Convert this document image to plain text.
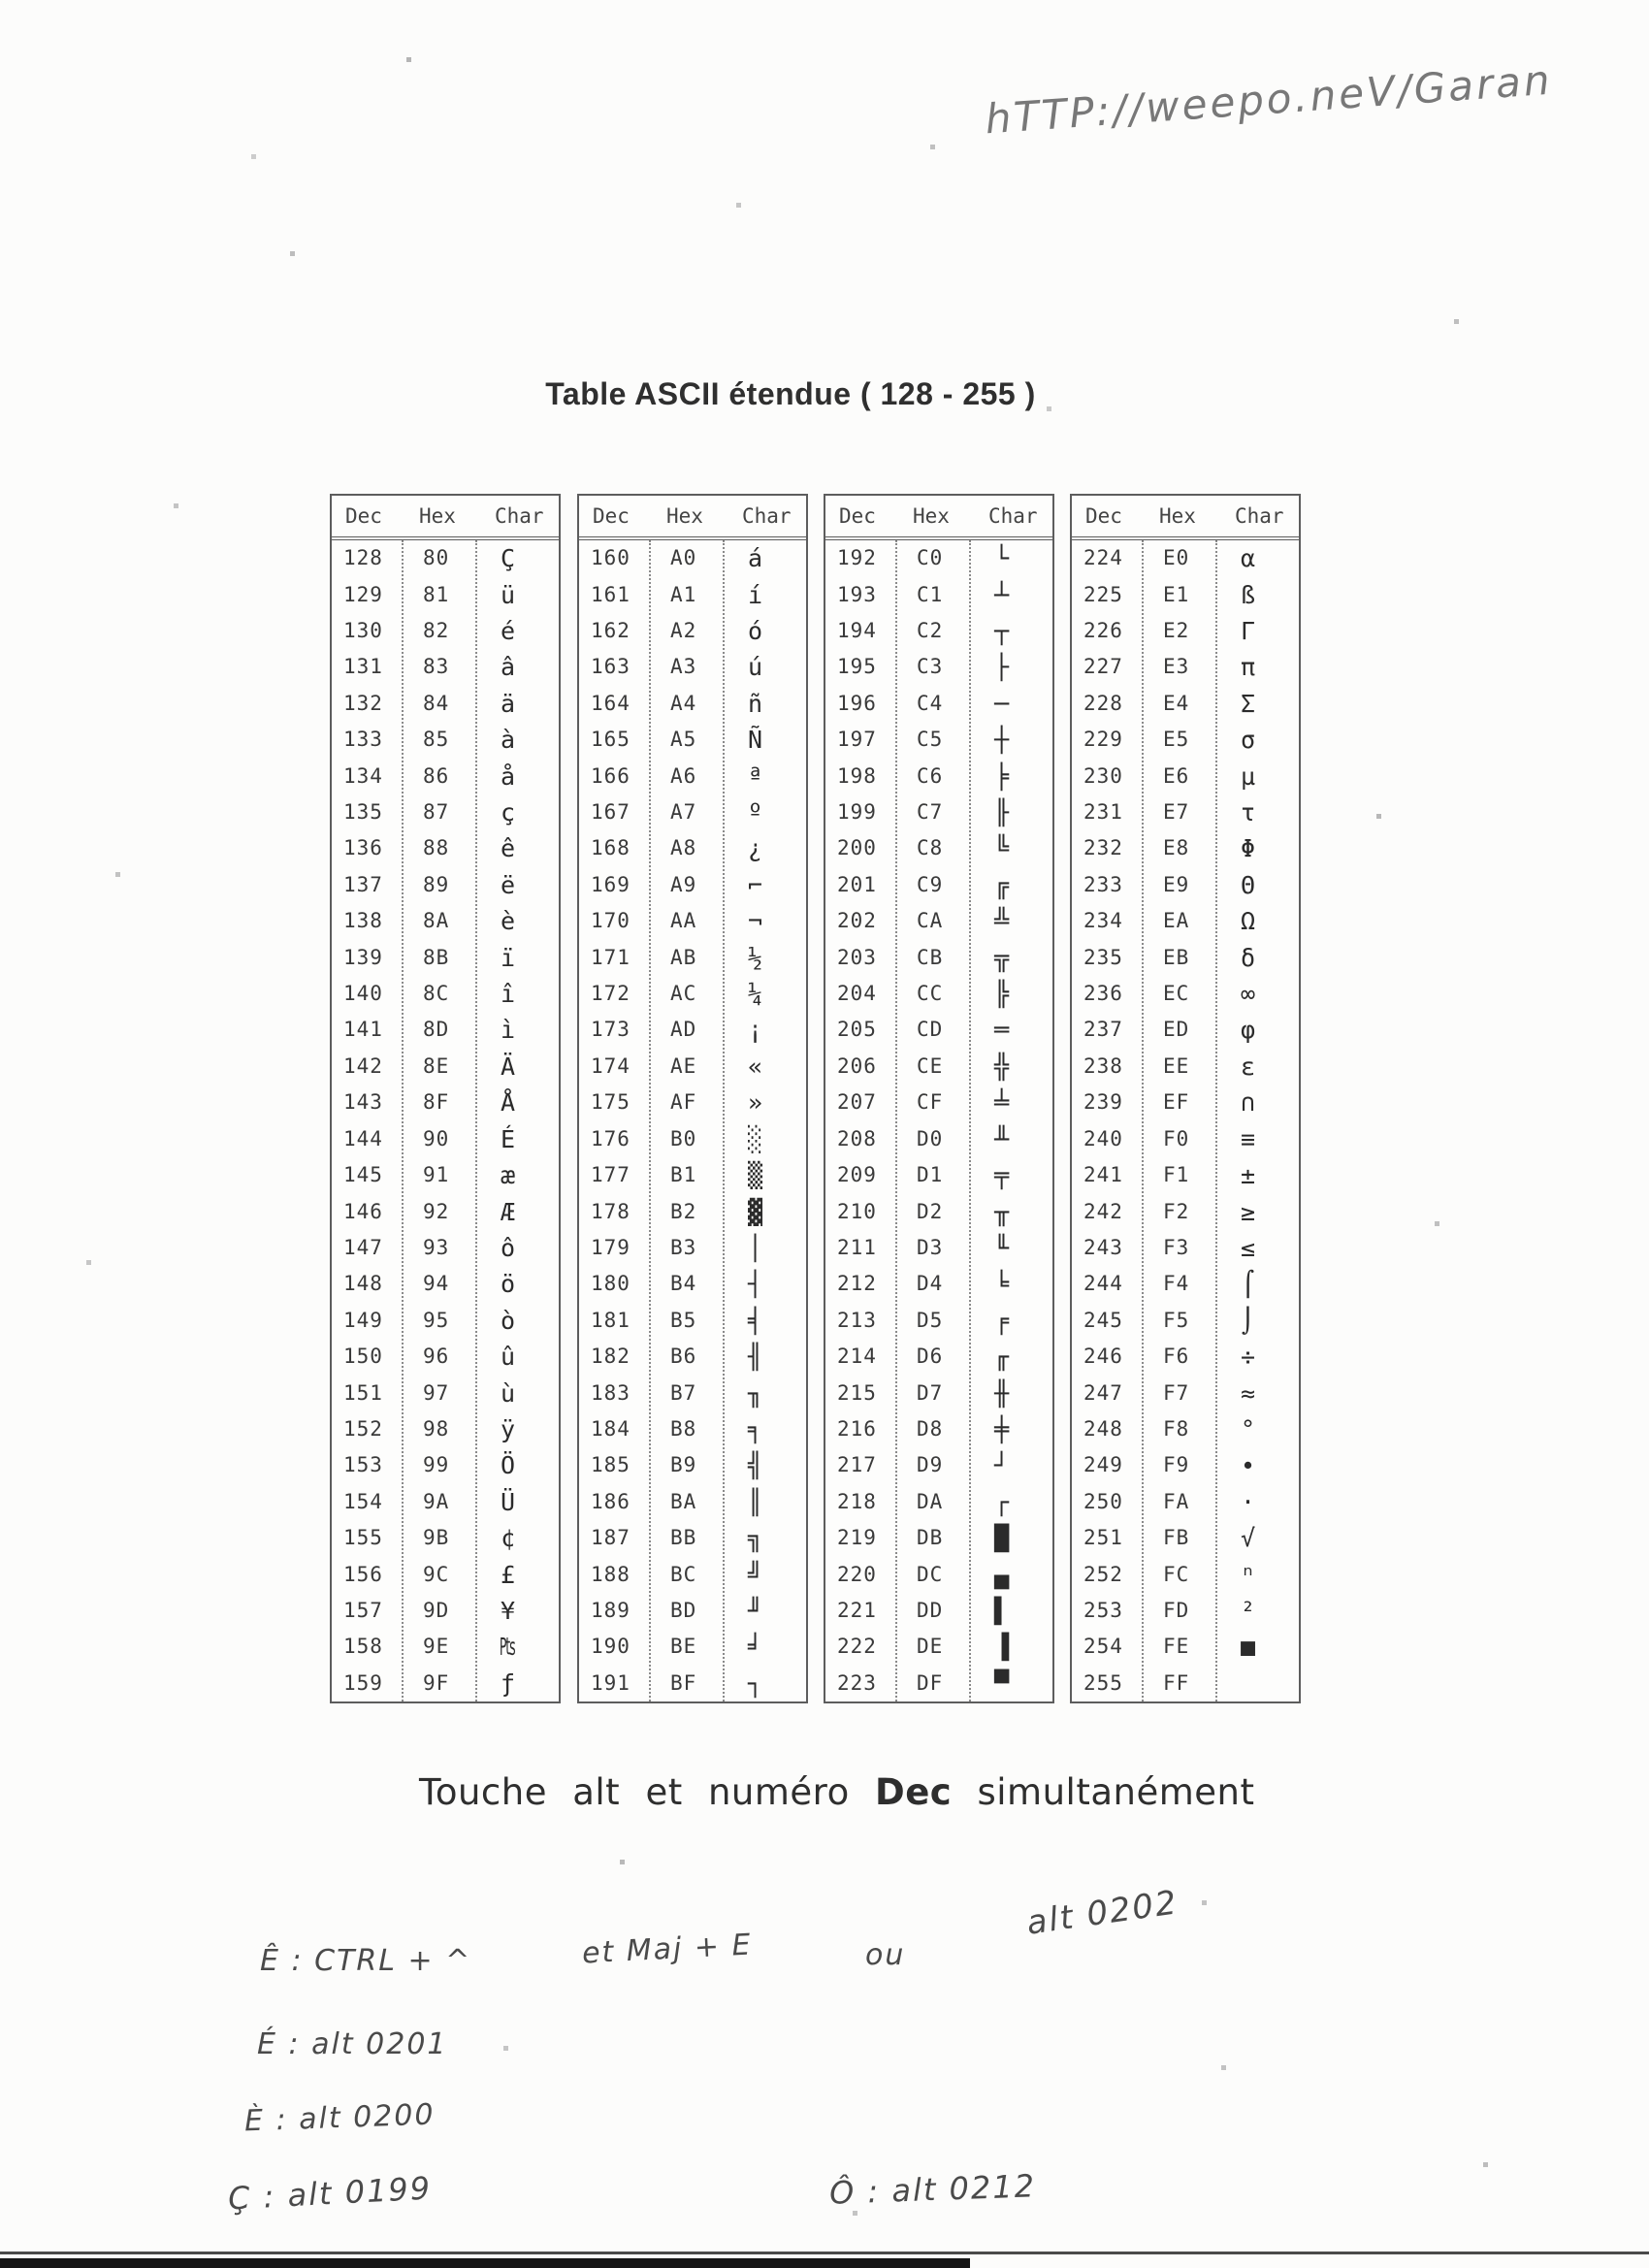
hTTP://weepo.neV/Garan
Table ASCII étendue ( 128 - 255 )
Dec	Hex	Char
128	80	Ç
129	81	ü
130	82	é
131	83	â
132	84	ä
133	85	à
134	86	å
135	87	ç
136	88	ê
137	89	ë
138	8A	è
139	8B	ï
140	8C	î
141	8D	ì
142	8E	Ä
143	8F	Å
144	90	É
145	91	æ
146	92	Æ
147	93	ô
148	94	ö
149	95	ò
150	96	û
151	97	ù
152	98	ÿ
153	99	Ö
154	9A	Ü
155	9B	¢
156	9C	£
157	9D	¥
158	9E	₧
159	9F	ƒ
Dec	Hex	Char
160	A0	á
161	A1	í
162	A2	ó
163	A3	ú
164	A4	ñ
165	A5	Ñ
166	A6	ª
167	A7	º
168	A8	¿
169	A9	⌐
170	AA	¬
171	AB	½
172	AC	¼
173	AD	¡
174	AE	«
175	AF	»
176	B0	░
177	B1	▒
178	B2	▓
179	B3	│
180	B4	┤
181	B5	╡
182	B6	╢
183	B7	╖
184	B8	╕
185	B9	╣
186	BA	║
187	BB	╗
188	BC	╝
189	BD	╜
190	BE	╛
191	BF	┐
Dec	Hex	Char
192	C0	└
193	C1	┴
194	C2	┬
195	C3	├
196	C4	─
197	C5	┼
198	C6	╞
199	C7	╟
200	C8	╚
201	C9	╔
202	CA	╩
203	CB	╦
204	CC	╠
205	CD	═
206	CE	╬
207	CF	╧
208	D0	╨
209	D1	╤
210	D2	╥
211	D3	╙
212	D4	╘
213	D5	╒
214	D6	╓
215	D7	╫
216	D8	╪
217	D9	┘
218	DA	┌
219	DB	█
220	DC	▄
221	DD	▌
222	DE	▐
223	DF	▀
Dec	Hex	Char
224	E0	α
225	E1	ß
226	E2	Γ
227	E3	π
228	E4	Σ
229	E5	σ
230	E6	µ
231	E7	τ
232	E8	Φ
233	E9	Θ
234	EA	Ω
235	EB	δ
236	EC	∞
237	ED	φ
238	EE	ε
239	EF	∩
240	F0	≡
241	F1	±
242	F2	≥
243	F3	≤
244	F4	⌠
245	F5	⌡
246	F6	÷
247	F7	≈
248	F8	°
249	F9	∙
250	FA	·
251	FB	√
252	FC	ⁿ
253	FD	²
254	FE	■
255	FF
Touche alt et numéro Dec simultanément
Ê : CTRL + ^	et Maj + E	ou
alt 0202
É : alt 0201
È : alt 0200
Ç : alt 0199	Ô : alt 0212
